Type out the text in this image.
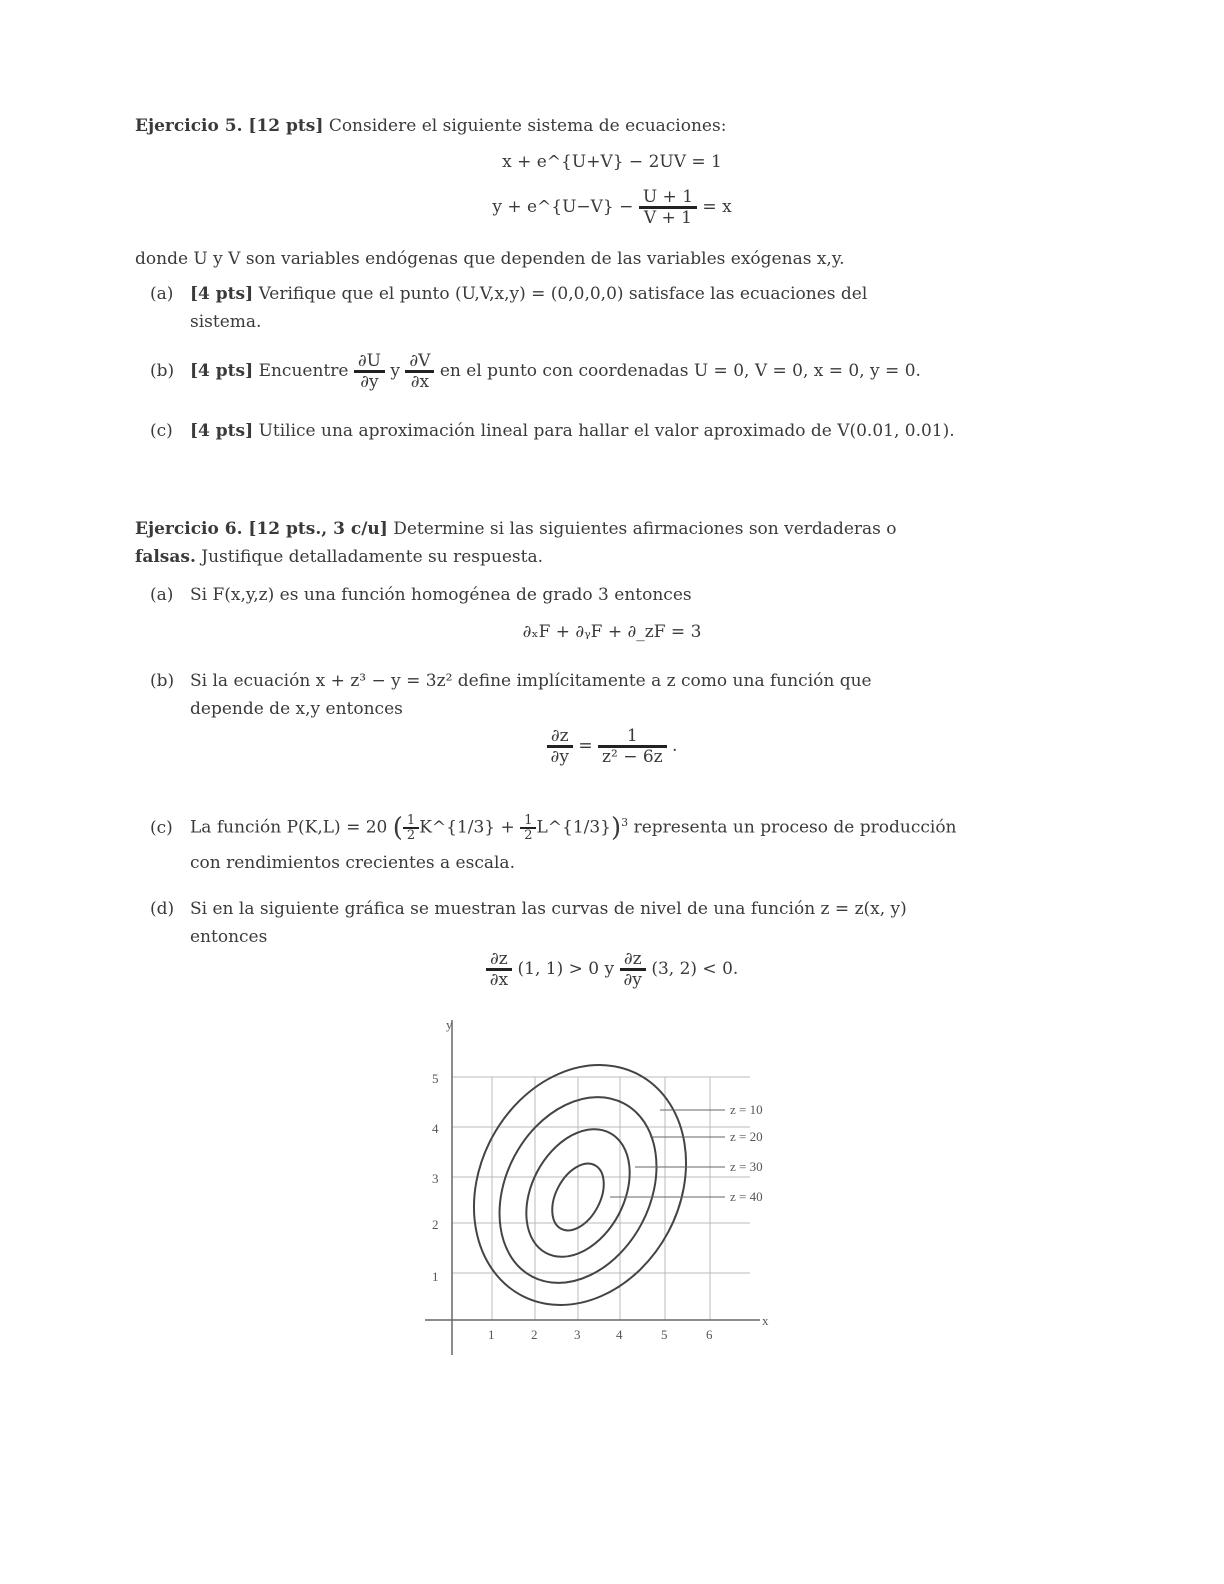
Ejercicio 5. [12 pts] Considere el siguiente sistema de ecuaciones:
x + e^{U+V} − 2UV = 1
y + e^{U−V} − $\frac{U + 1}{V + 1} = x$
donde U y V son variables endógenas que dependen de las variables exógenas x,y.
(a) [4 pts] Verifique que el punto (U,V,x,y) = (0,0,0,0) satisface las ecuaciones del
sistema.
(b) [4 pts] Encuentre $\frac{\partial U}{\partial y}$ y $\frac{\partial V}{\partial x}$ en el punto con coordenadas U = 0, V = 0, x = 0, y = 0.
(c) [4 pts] Utilice una aproximación lineal para hallar el valor aproximado de V(0.01, 0.01).
Ejercicio 6. [12 pts., 3 c/u] Determine si las siguientes afirmaciones son verdaderas o
falsas. Justifique detalladamente su respuesta.
(a) Si F(x,y,z) es una función homogénea de grado 3 entonces
∂ₓF + ∂ᵧF + ∂_zF = 3
(b) Si la ecuación x + z³ − y = 3z² define implícitamente a z como una función que
depende de x,y entonces
$\frac{\partial z}{\partial y} = \frac{1}{\text{z² − 6z}}$ .
(c) La función P(K,L) = 20 ( $\frac{1}{2}$ K^{1/3} + $\frac{1}{2}$ L^{1/3})$^3$ representa un proceso de producción
con rendimientos crecientes a escala.
(d) Si en la siguiente gráfica se muestran las curvas de nivel de una función z = z(x, y)
entonces
$\frac{\partial z}{\partial x} (1$, 1) > 0 y $\frac{\partial z}{\partial y} (3$, 2) < 0.
y
x
1
2
3
4
5
1	2	3	4	5	6
z = 10
z = 20
z = 30
z = 40
